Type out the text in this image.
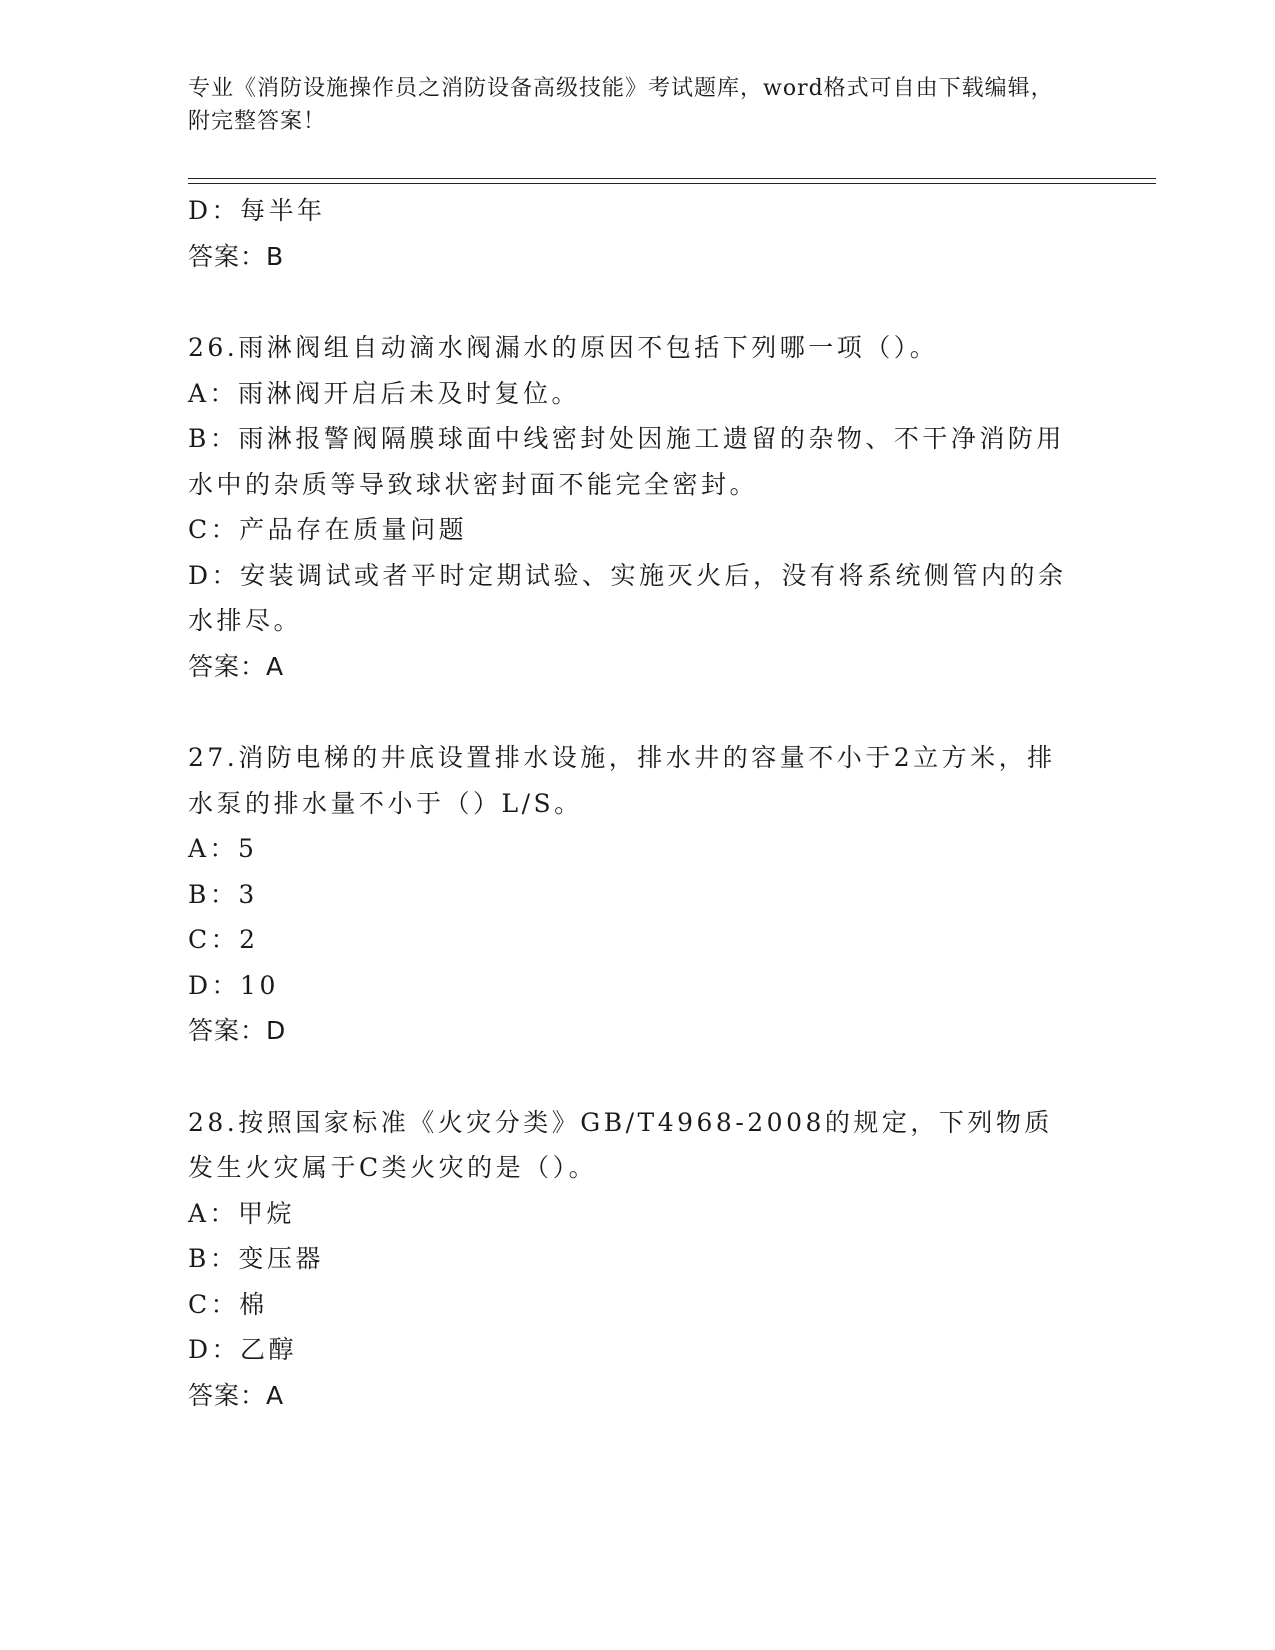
专业《消防设施操作员之消防设备高级技能》考试题库，word格式可自由下载编辑，附完整答案！

D：每半年

答案：B

26.雨淋阀组自动滴水阀漏水的原因不包括下列哪一项（）。

A：雨淋阀开启后未及时复位。

B：雨淋报警阀隔膜球面中线密封处因施工遗留的杂物、不干净消防用水中的杂质等导致球状密封面不能完全密封。

C：产品存在质量问题

D：安装调试或者平时定期试验、实施灭火后，没有将系统侧管内的余水排尽。

答案：A

27.消防电梯的井底设置排水设施，排水井的容量不小于2立方米，排水泵的排水量不小于（）L/S。

A：5

B：3

C：2

D：10

答案：D

28.按照国家标准《火灾分类》GB/T4968-2008的规定，下列物质发生火灾属于C类火灾的是（）。

A：甲烷

B：变压器

C：棉

D：乙醇

答案：A
